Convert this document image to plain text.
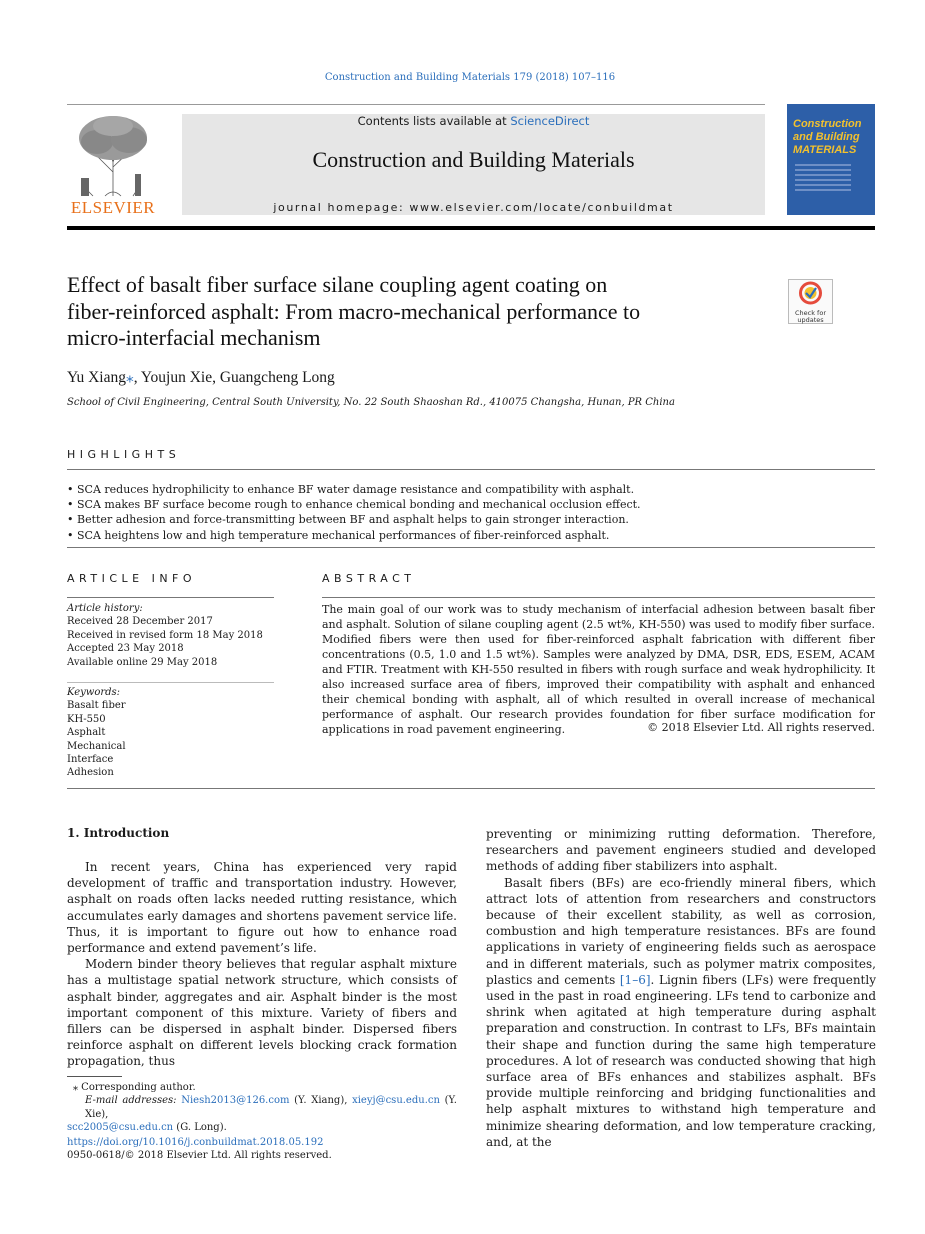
Construction and Building Materials 179 (2018) 107–116
ELSEVIER
Contents lists available at ScienceDirect
Construction and Building Materials
journal homepage: www.elsevier.com/locate/conbuildmat
Construction
and Building
MATERIALS
Effect of basalt fiber surface silane coupling agent coating on
fiber-reinforced asphalt: From macro-mechanical performance to
micro-interfacial mechanism
Check for
updates
Yu Xiang⁎, Youjun Xie, Guangcheng Long
School of Civil Engineering, Central South University, No. 22 South Shaoshan Rd., 410075 Changsha, Hunan, PR China
HIGHLIGHTS
• SCA reduces hydrophilicity to enhance BF water damage resistance and compatibility with asphalt.
• SCA makes BF surface become rough to enhance chemical bonding and mechanical occlusion effect.
• Better adhesion and force-transmitting between BF and asphalt helps to gain stronger interaction.
• SCA heightens low and high temperature mechanical performances of fiber-reinforced asphalt.
ARTICLE INFO
Article history:
Received 28 December 2017
Received in revised form 18 May 2018
Accepted 23 May 2018
Available online 29 May 2018
Keywords:
Basalt fiber
KH-550
Asphalt
Mechanical
Interface
Adhesion
ABSTRACT
The main goal of our work was to study mechanism of interfacial adhesion between basalt fiber and asphalt. Solution of silane coupling agent (2.5 wt%, KH-550) was used to modify fiber surface. Modified fibers were then used for fiber-reinforced asphalt fabrication with different fiber concentrations (0.5, 1.0 and 1.5 wt%). Samples were analyzed by DMA, DSR, EDS, ESEM, ACAM and FTIR. Treatment with KH-550 resulted in fibers with rough surface and weak hydrophilicity. It also increased surface area of fibers, improved their compatibility with asphalt and enhanced their chemical bonding with asphalt, all of which resulted in overall increase of mechanical performance of asphalt. Our research provides foundation for fiber surface modification for applications in road pavement engineering.	© 2018 Elsevier Ltd. All rights reserved.
1. Introduction

In recent years, China has experienced very rapid development of traffic and transportation industry. However, asphalt on roads often lacks needed rutting resistance, which accumulates early damages and shortens pavement service life. Thus, it is important to figure out how to enhance road performance and extend pavement’s life.

Modern binder theory believes that regular asphalt mixture has a multistage spatial network structure, which consists of asphalt binder, aggregates and air. Asphalt binder is the most important component of this mixture. Variety of fibers and fillers can be dispersed in asphalt binder. Dispersed fibers reinforce asphalt on different levels blocking crack formation propagation, thus

preventing or minimizing rutting deformation. Therefore, researchers and pavement engineers studied and developed methods of adding fiber stabilizers into asphalt.

Basalt fibers (BFs) are eco-friendly mineral fibers, which attract lots of attention from researchers and constructors because of their excellent stability, as well as corrosion, combustion and high temperature resistances. BFs are found applications in variety of engineering fields such as aerospace and in different materials, such as polymer matrix composites, plastics and cements [1–6]. Lignin fibers (LFs) were frequently used in the past in road engineering. LFs tend to carbonize and shrink when agitated at high temperature during asphalt preparation and construction. In contrast to LFs, BFs maintain their shape and function during the same high temperature procedures. A lot of research was conducted showing that high surface area of BFs enhances and stabilizes asphalt. BFs provide multiple reinforcing and bridging functionalities and help asphalt mixtures to withstand high temperature and minimize shearing deformation, and low temperature cracking, and, at the

⁎ Corresponding author.
E-mail addresses: Niesh2013@126.com (Y. Xiang), xieyj@csu.edu.cn (Y. Xie),
scc2005@csu.edu.cn (G. Long).
https://doi.org/10.1016/j.conbuildmat.2018.05.192
0950-0618/© 2018 Elsevier Ltd. All rights reserved.
